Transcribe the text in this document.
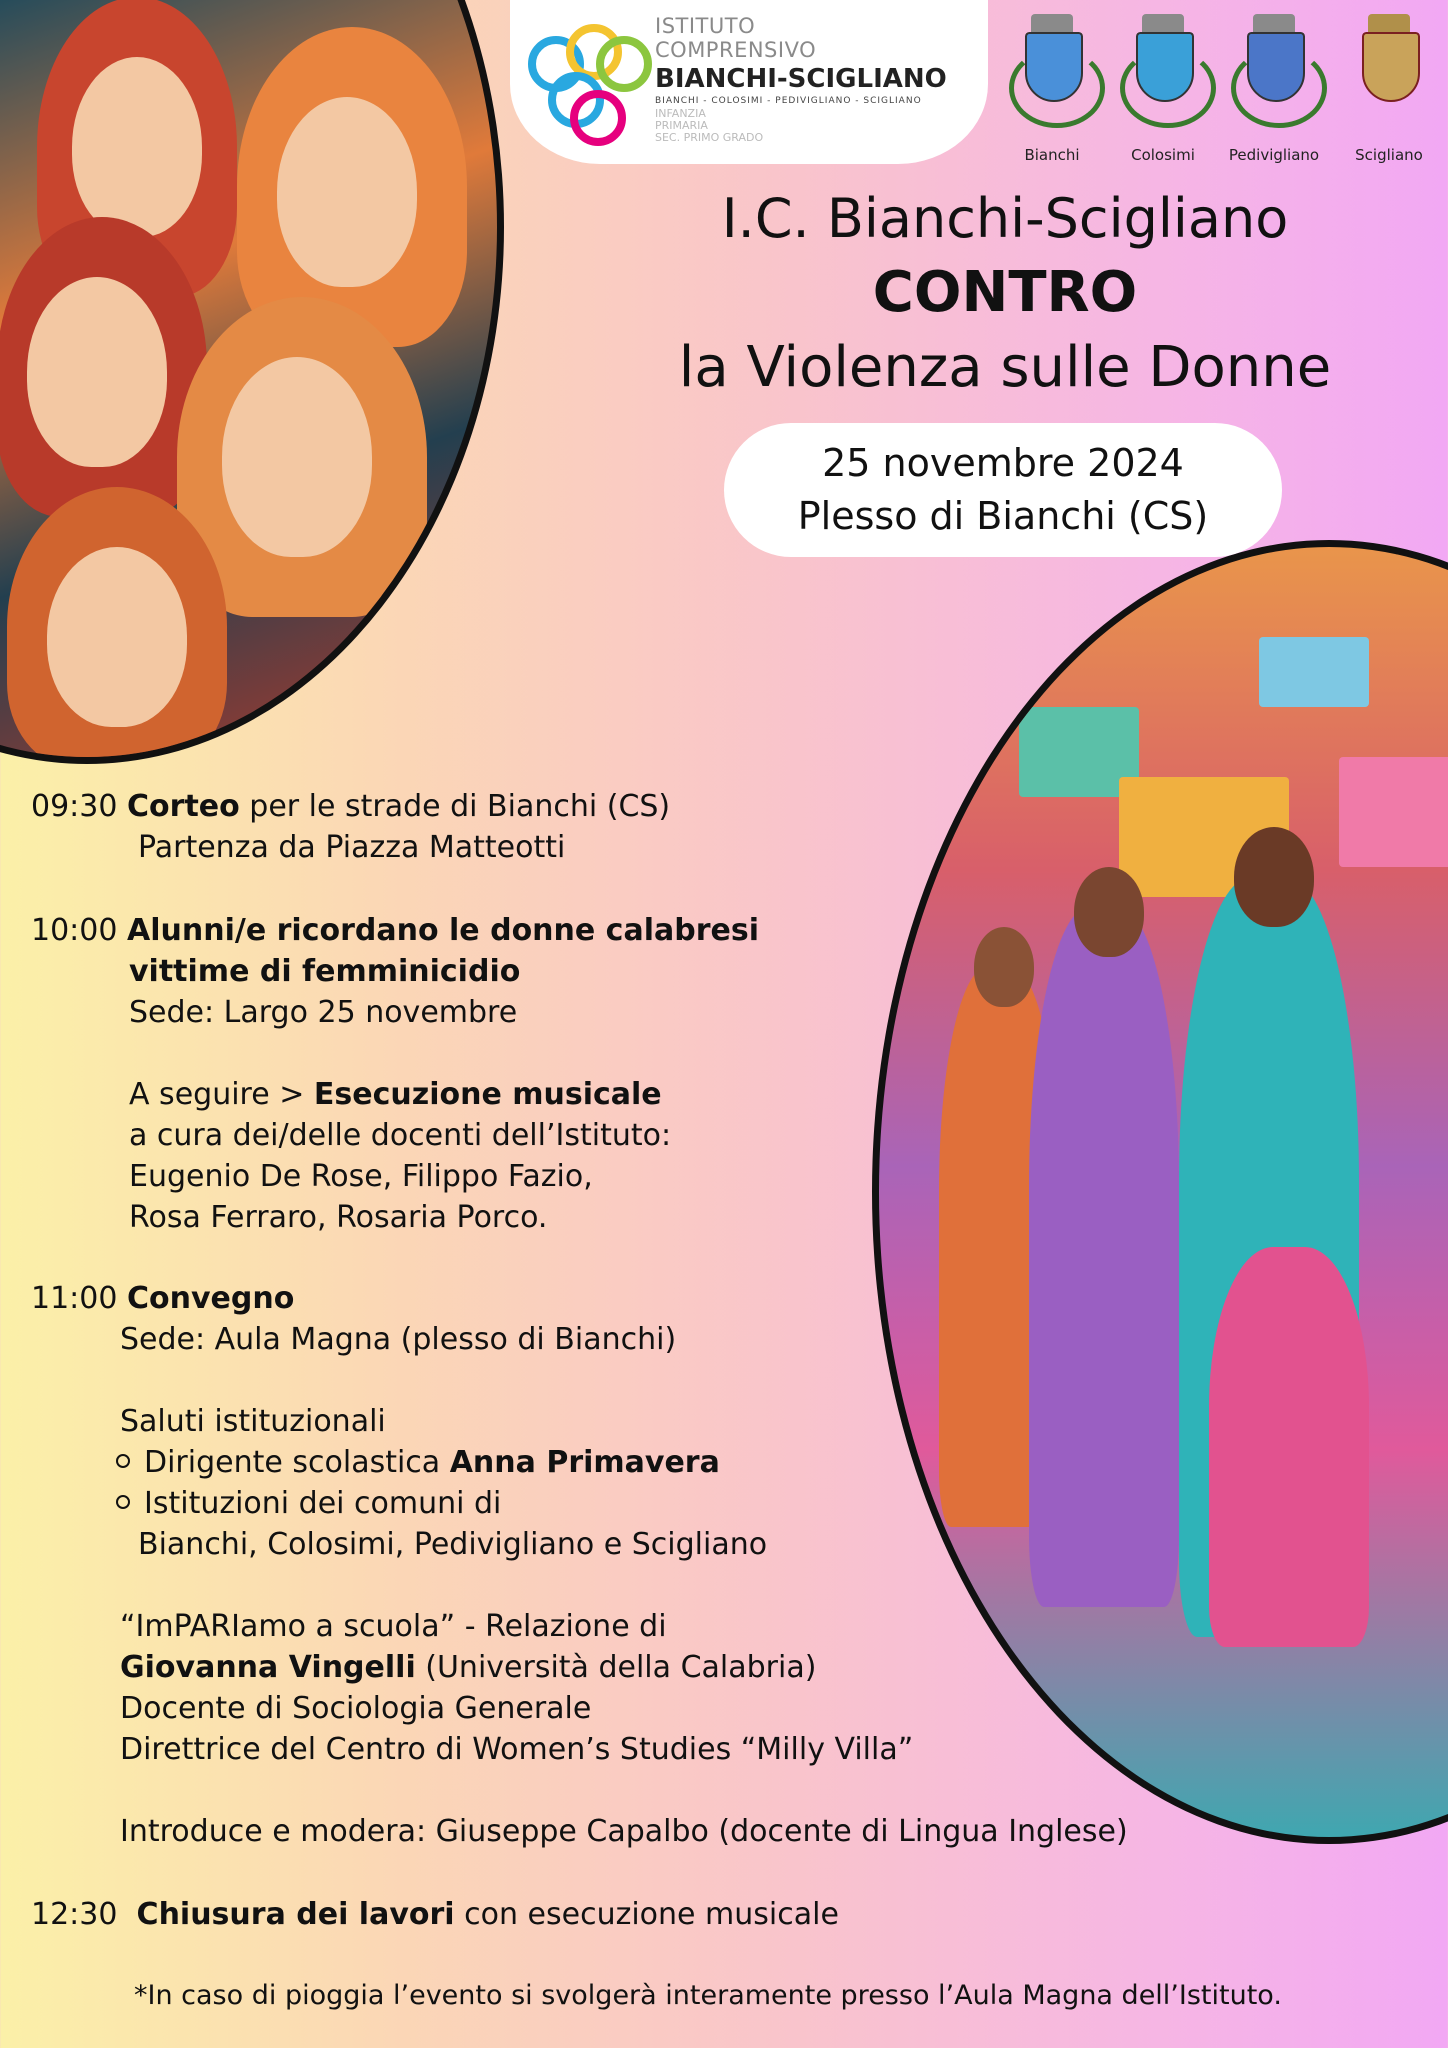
ISTITUTO
COMPRENSIVO
BIANCHI-SCIGLIANO
BIANCHI - COLOSIMI - PEDIVIGLIANO - SCIGLIANO
INFANZIA
PRIMARIA
SEC. PRIMO GRADO
Bianchi	Colosimi	Pedivigliano	Scigliano
I.C. Bianchi-Scigliano
CONTRO
la Violenza sulle Donne
25 novembre 2024
Plesso di Bianchi (CS)
09:30 Corteo per le strade di Bianchi (CS)
Partenza da Piazza Matteotti
10:00 Alunni/e ricordano le donne calabresi
vittime di femminicidio
Sede: Largo 25 novembre
A seguire > Esecuzione musicale
a cura dei/delle docenti dell’Istituto:
Eugenio De Rose, Filippo Fazio,
Rosa Ferraro, Rosaria Porco.
11:00 Convegno
Sede: Aula Magna (plesso di Bianchi)
Saluti istituzionali
Dirigente scolastica Anna Primavera
Istituzioni dei comuni di
Bianchi, Colosimi, Pedivigliano e Scigliano
“ImPARIamo a scuola” - Relazione di
Giovanna Vingelli (Università della Calabria)
Docente di Sociologia Generale
Direttrice del Centro di Women’s Studies “Milly Villa”
Introduce e modera: Giuseppe Capalbo (docente di Lingua Inglese)
12:30 Chiusura dei lavori con esecuzione musicale
*In caso di pioggia l’evento si svolgerà interamente presso l’Aula Magna dell’Istituto.
